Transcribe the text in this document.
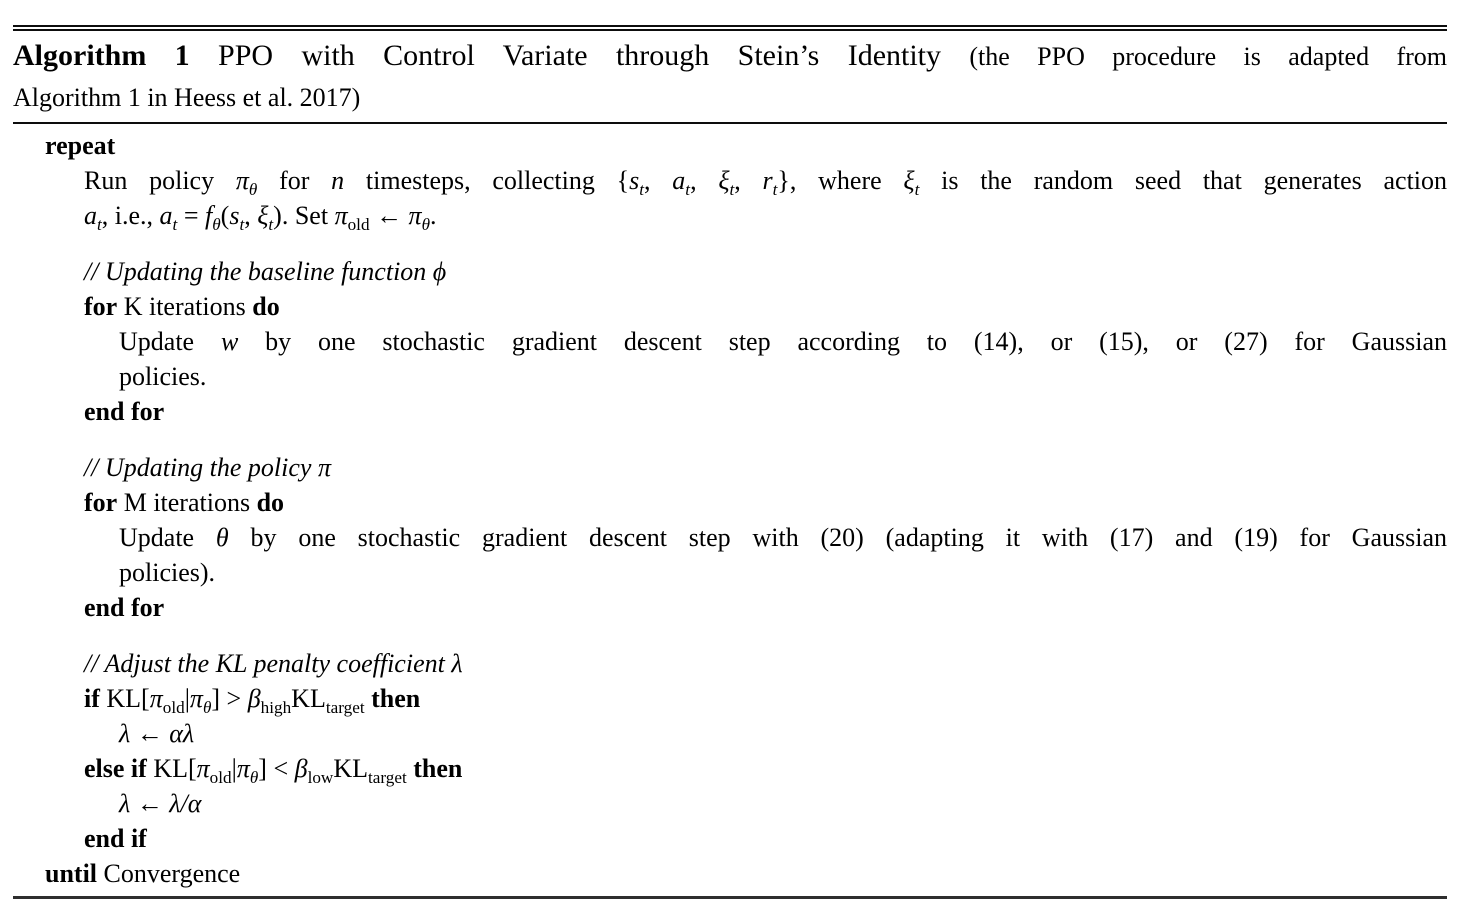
Algorithm 1 PPO with Control Variate through Stein’s Identity (the PPO procedure is adapted from
Algorithm 1 in Heess et al. 2017)
repeat
Run policy $\pi_\theta$ for n timesteps, collecting {$s_t$, $a_t$, $\xi_t$, $r_t$}, where $\xi_t$ is the random seed that generates action
$a_t$, i.e., $a_t = f_\theta(s_t$, $\xi_t$). Set $\pi_{old}$ ← $\pi_\theta$.
// Updating the baseline function ϕ
for K iterations do
Update w by one stochastic gradient descent step according to (14), or (15), or (27) for Gaussian
policies.
end for
// Updating the policy π
for M iterations do
Update θ by one stochastic gradient descent step with (20) (adapting it with (17) and (19) for Gaussian
policies).
end for
// Adjust the KL penalty coefficient λ
if $KL[\pi_{old}|\pi_\theta] > \beta_{high}KL_{target}$ then
λ ← αλ
else if $KL[\pi_{old}|\pi_\theta] < \beta_{low}KL_{target}$ then
λ ← λ/α
end if
until Convergence
